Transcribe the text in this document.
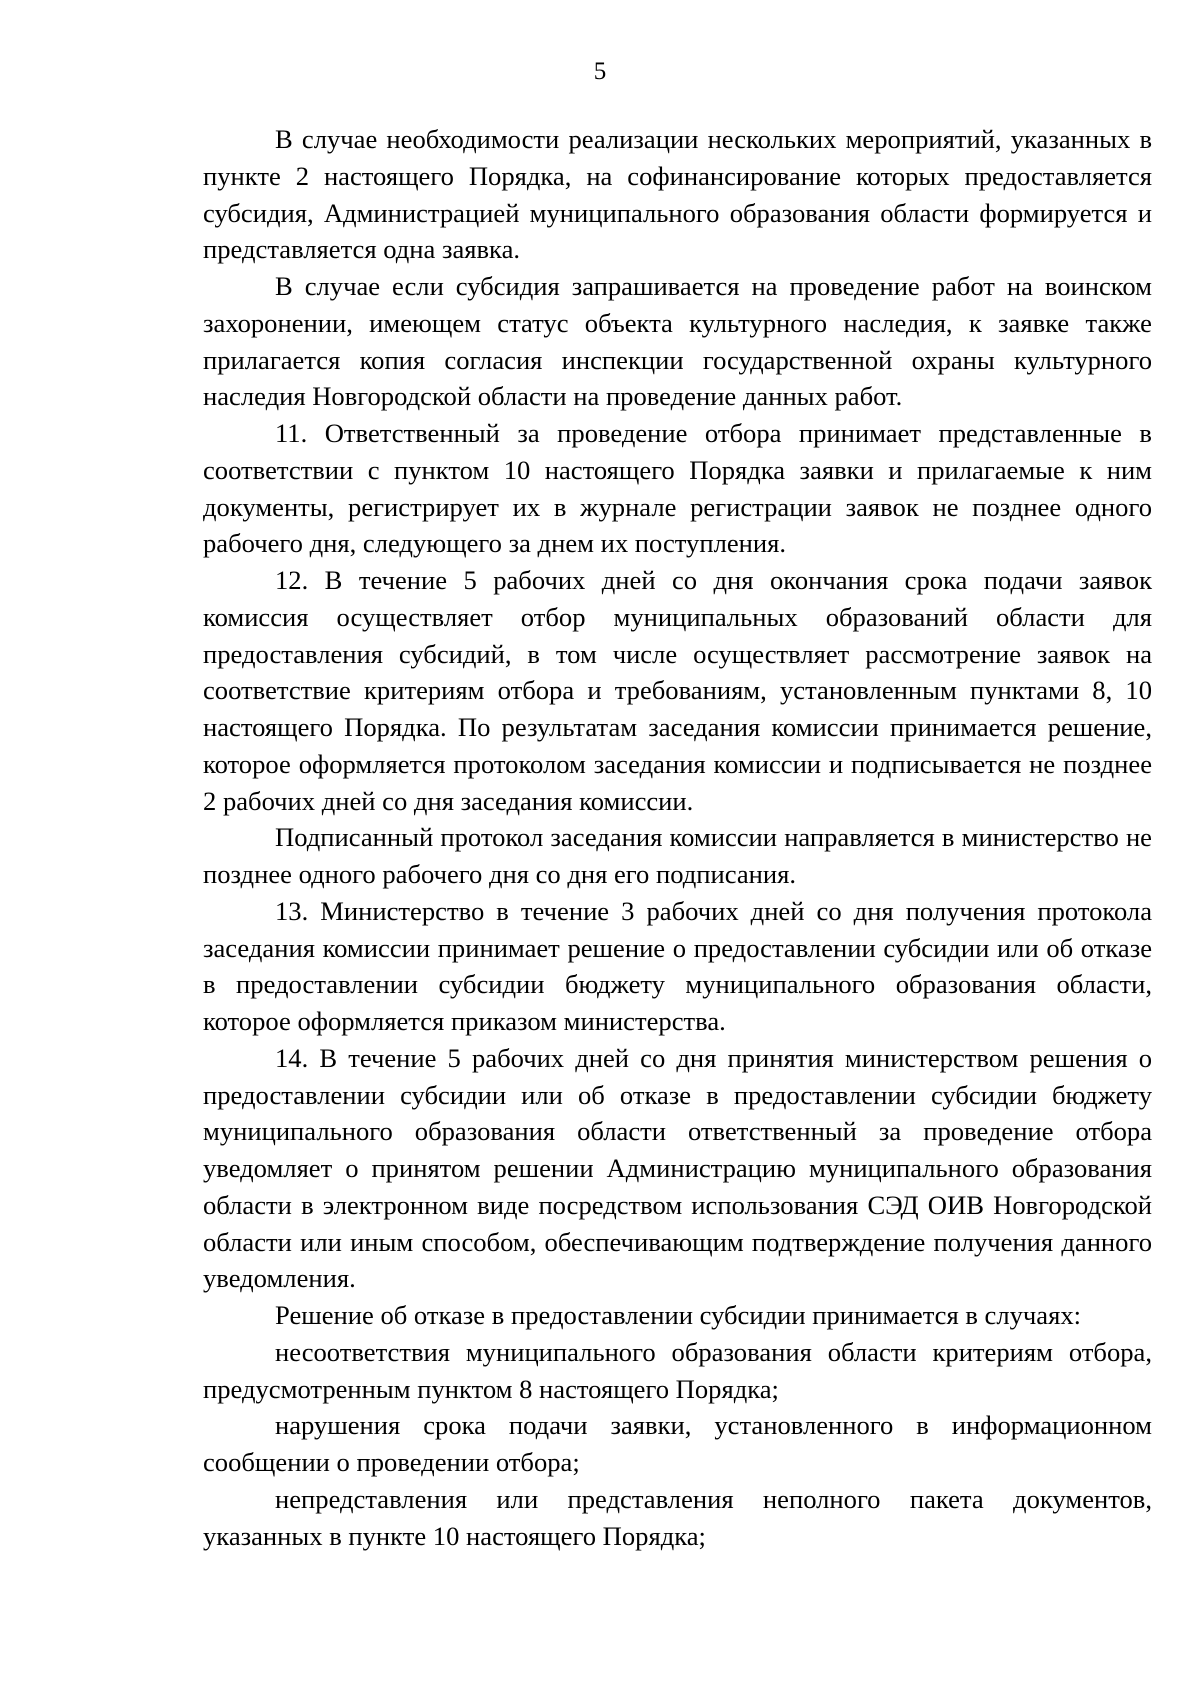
5

В случае необходимости реализации нескольких мероприятий, указанных в пункте 2 настоящего Порядка, на софинансирование которых предоставляется субсидия, Администрацией муниципального образования области формируется и представляется одна заявка.

В случае если субсидия запрашивается на проведение работ на воинском захоронении, имеющем статус объекта культурного наследия, к заявке также прилагается копия согласия инспекции государственной охраны культурного наследия Новгородской области на проведение данных работ.

11. Ответственный за проведение отбора принимает представленные в соответствии с пунктом 10 настоящего Порядка заявки и прилагаемые к ним документы, регистрирует их в журнале регистрации заявок не позднее одного рабочего дня, следующего за днем их поступления.

12. В течение 5 рабочих дней со дня окончания срока подачи заявок комиссия осуществляет отбор муниципальных образований области для предоставления субсидий, в том числе осуществляет рассмотрение заявок на соответствие критериям отбора и требованиям, установленным пунктами 8, 10 настоящего Порядка. По результатам заседания комиссии принимается решение, которое оформляется протоколом заседания комиссии и подписывается не позднее 2 рабочих дней со дня заседания комиссии.

Подписанный протокол заседания комиссии направляется в министерство не позднее одного рабочего дня со дня его подписания.

13. Министерство в течение 3 рабочих дней со дня получения протокола заседания комиссии принимает решение о предоставлении субсидии или об отказе в предоставлении субсидии бюджету муниципального образования области, которое оформляется приказом министерства.

14. В течение 5 рабочих дней со дня принятия министерством решения о предоставлении субсидии или об отказе в предоставлении субсидии бюджету муниципального образования области ответственный за проведение отбора уведомляет о принятом решении Администрацию муниципального образования области в электронном виде посредством использования СЭД ОИВ Новгородской области или иным способом, обеспечивающим подтверждение получения данного уведомления.

Решение об отказе в предоставлении субсидии принимается в случаях:

несоответствия муниципального образования области критериям отбора, предусмотренным пунктом 8 настоящего Порядка;

нарушения срока подачи заявки, установленного в информационном сообщении о проведении отбора;

непредставления или представления неполного пакета документов, указанных в пункте 10 настоящего Порядка;
